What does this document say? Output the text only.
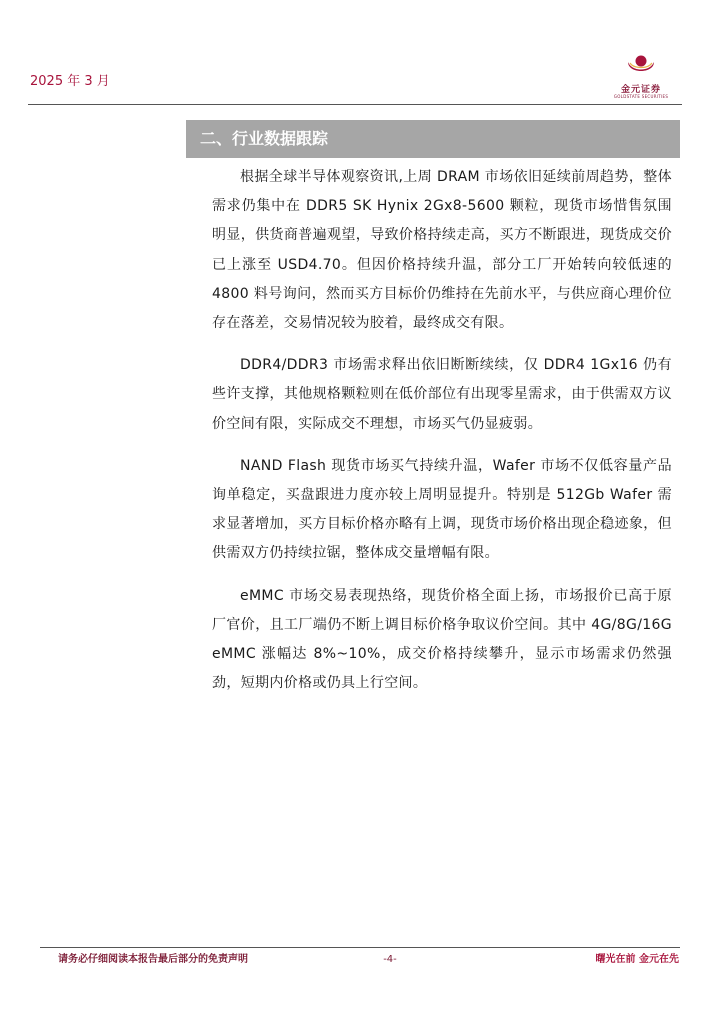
2025 年 3 月
金元证券
GOLDSTATE SECURITIES
二、行业数据跟踪

根据全球半导体观察资讯,上周 DRAM 市场依旧延续前周趋势，整体需求仍集中在 DDR5 SK Hynix 2Gx8-5600 颗粒，现货市场惜售氛围明显，供货商普遍观望，导致价格持续走高，买方不断跟进，现货成交价已上涨至 USD4.70。但因价格持续升温，部分工厂开始转向较低速的 4800 料号询问，然而买方目标价仍维持在先前水平，与供应商心理价位存在落差，交易情况较为胶着，最终成交有限。

DDR4/DDR3 市场需求释出依旧断断续续，仅 DDR4 1Gx16 仍有些许支撑，其他规格颗粒则在低价部位有出现零星需求，由于供需双方议价空间有限，实际成交不理想，市场买气仍显疲弱。

NAND Flash 现货市场买气持续升温，Wafer 市场不仅低容量产品询单稳定，买盘跟进力度亦较上周明显提升。特别是 512Gb Wafer 需求显著增加，买方目标价格亦略有上调，现货市场价格出现企稳迹象，但供需双方仍持续拉锯，整体成交量增幅有限。

eMMC 市场交易表现热络，现货价格全面上扬，市场报价已高于原厂官价，且工厂端仍不断上调目标价格争取议价空间。其中 4G/8G/16G eMMC 涨幅达 8%~10%，成交价格持续攀升，显示市场需求仍然强劲，短期内价格或仍具上行空间。

请务必仔细阅读本报告最后部分的免责声明	-4-	曙光在前 金元在先
